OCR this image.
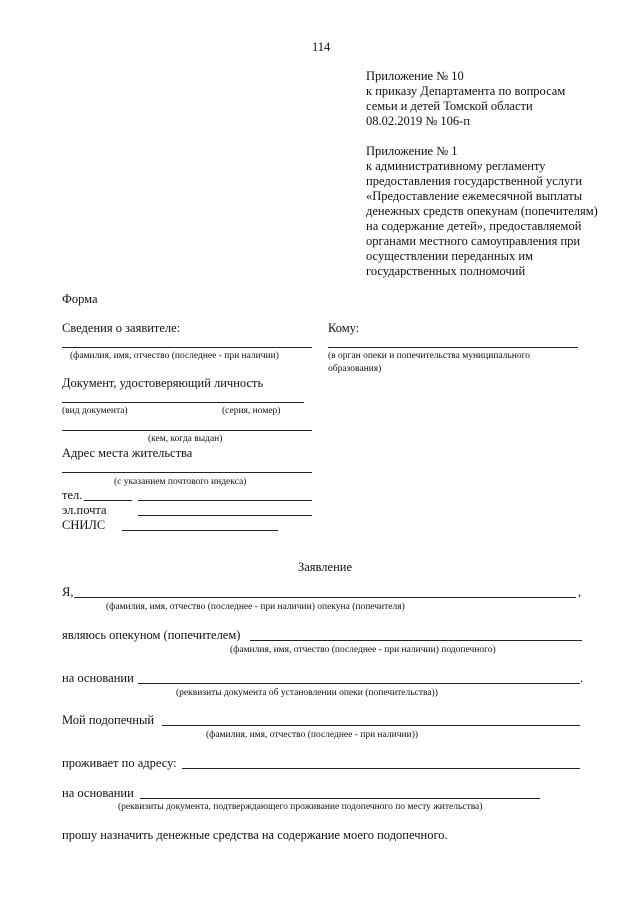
114
Приложение № 10
к приказу Департамента по вопросам
семьи и детей Томской области
08.02.2019 № 106-п
Приложение № 1
к административному регламенту
предоставления государственной услуги
«Предоставление ежемесячной выплаты
денежных средств опекунам (попечителям)
на содержание детей», предоставляемой
органами местного самоуправления при
осуществлении переданных им
государственных полномочий
Форма
Сведения о заявителе:
(фамилия, имя, отчество (последнее - при наличии)
Документ, удостоверяющий личность
(вид документа)	(серия, номер)
(кем, когда выдан)
Адрес места жительства
(с указанием почтового индекса)
тел.
эл.почта
СНИЛС
Кому:
(в орган опеки и попечительства муниципального
образования)
Заявление
Я,	,
(фамилия, имя, отчество (последнее - при наличии) опекуна (попечителя)
являюсь опекуном (попечителем)
(фамилия, имя, отчество (последнее - при наличии) подопечного)
на основании	.
(реквизиты документа об установлении опеки (попечительства))
Мой подопечный
(фамилия, имя, отчество (последнее - при наличии))
проживает по адресу:
на основании
(реквизиты документа, подтверждающего проживание подопечного по месту жительства)
прошу назначить денежные средства на содержание моего подопечного.
